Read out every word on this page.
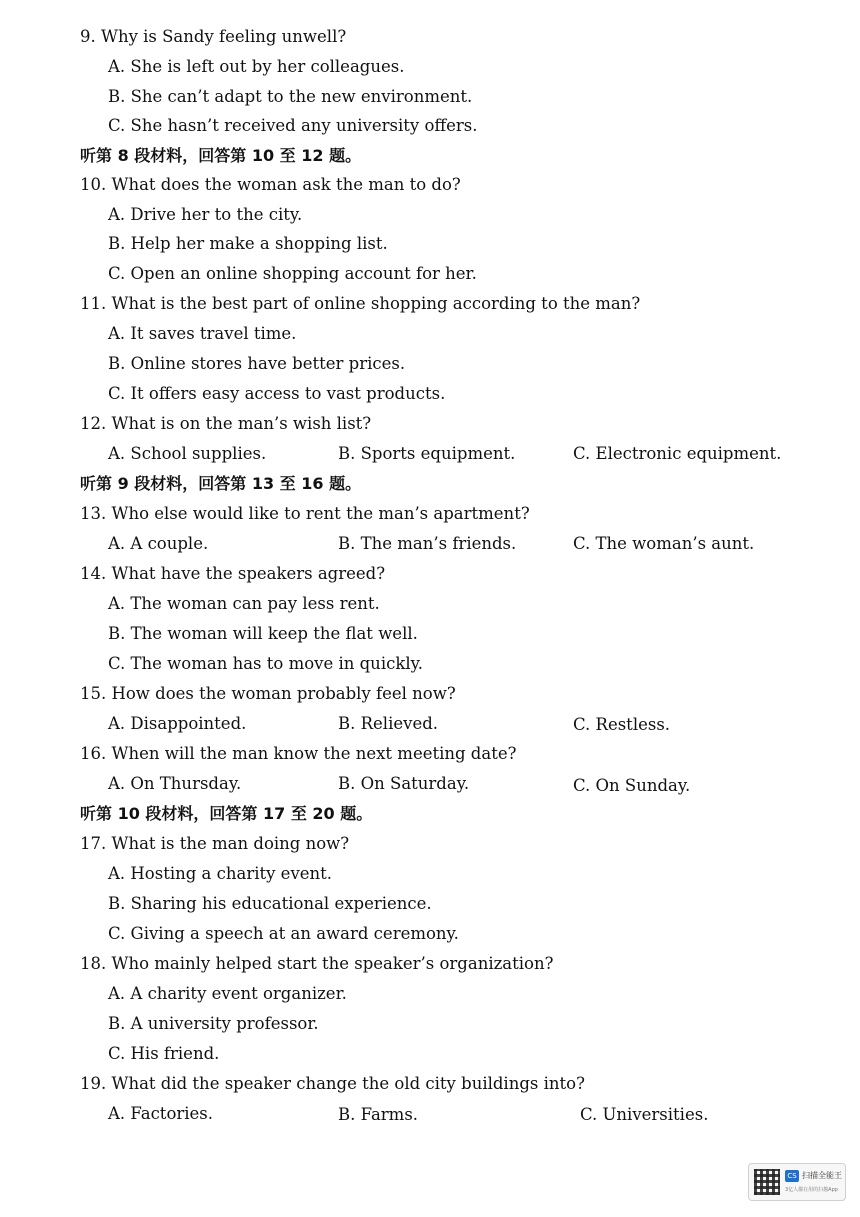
9. Why is Sandy feeling unwell?
A. She is left out by her colleagues.
B. She can’t adapt to the new environment.
C. She hasn’t received any university offers.
听第 8 段材料，回答第 10 至 12 题。
10. What does the woman ask the man to do?
A. Drive her to the city.
B. Help her make a shopping list.
C. Open an online shopping account for her.
11. What is the best part of online shopping according to the man?
A. It saves travel time.
B. Online stores have better prices.
C. It offers easy access to vast products.
12. What is on the man’s wish list?
A. School supplies.	B. Sports equipment.	C. Electronic equipment.
听第 9 段材料，回答第 13 至 16 题。
13. Who else would like to rent the man’s apartment?
A. A couple.	B. The man’s friends.	C. The woman’s aunt.
14. What have the speakers agreed?
A. The woman can pay less rent.
B. The woman will keep the flat well.
C. The woman has to move in quickly.
15. How does the woman probably feel now?
A. Disappointed.	B. Relieved.	C. Restless.
16. When will the man know the next meeting date?
A. On Thursday.	B. On Saturday.	C. On Sunday.
听第 10 段材料，回答第 17 至 20 题。
17. What is the man doing now?
A. Hosting a charity event.
B. Sharing his educational experience.
C. Giving a speech at an award ceremony.
18. Who mainly helped start the speaker’s organization?
A. A charity event organizer.
B. A university professor.
C. His friend.
19. What did the speaker change the old city buildings into?
A. Factories.	B. Farms.	C. Universities.
CS 扫描全能王
3亿人都在用的扫描App
